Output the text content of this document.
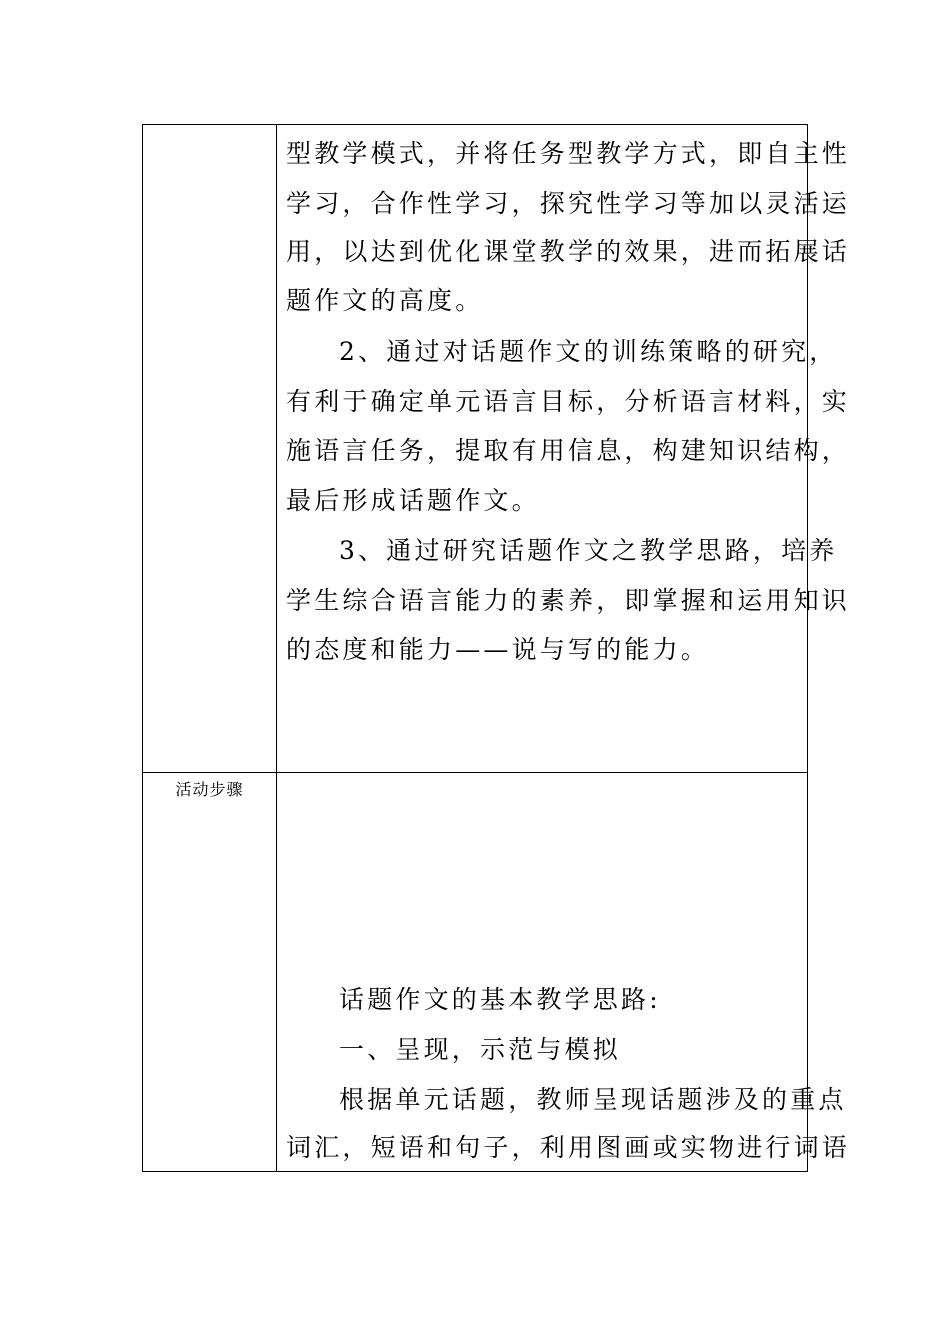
活动步骤
型教学模式，并将任务型教学方式，即自主性
学习，合作性学习，探究性学习等加以灵活运
用，以达到优化课堂教学的效果，进而拓展话
题作文的高度。
2、通过对话题作文的训练策略的研究，
有利于确定单元语言目标，分析语言材料，实
施语言任务，提取有用信息，构建知识结构，
最后形成话题作文。
3、通过研究话题作文之教学思路，培养
学生综合语言能力的素养，即掌握和运用知识
的态度和能力——说与写的能力。
话题作文的基本教学思路:
一、呈现，示范与模拟
根据单元话题，教师呈现话题涉及的重点
词汇，短语和句子，利用图画或实物进行词语
